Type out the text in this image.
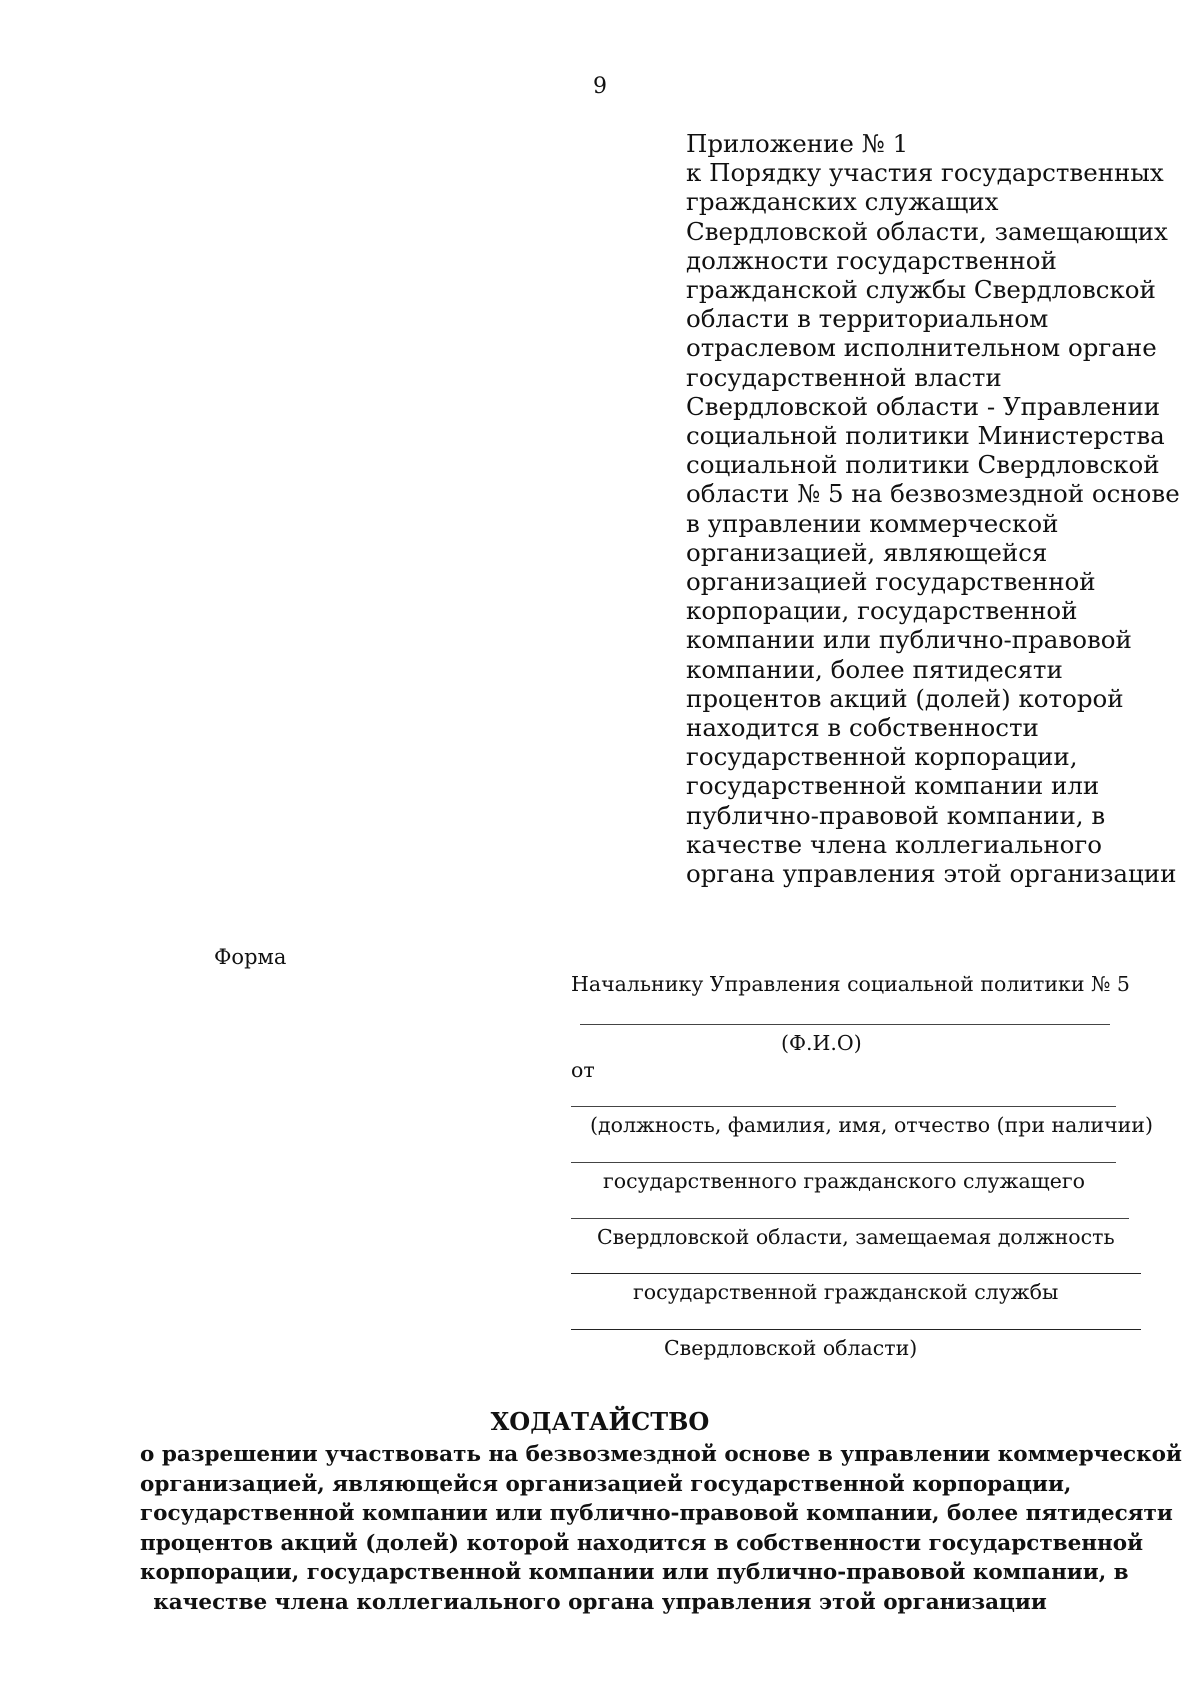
9
Приложение № 1
к Порядку участия государственных
гражданских служащих
Свердловской области, замещающих
должности государственной
гражданской службы Свердловской
области в территориальном
отраслевом исполнительном органе
государственной власти
Свердловской области - Управлении
социальной политики Министерства
социальной политики Свердловской
области № 5 на безвозмездной основе
в управлении коммерческой
организацией, являющейся
организацией государственной
корпорации, государственной
компании или публично-правовой
компании, более пятидесяти
процентов акций (долей) которой
находится в собственности
государственной корпорации,
государственной компании или
публично-правовой компании, в
качестве члена коллегиального
органа управления этой организации
Форма
Начальнику Управления социальной политики № 5
(Ф.И.О)
от
(должность, фамилия, имя, отчество (при наличии)
государственного гражданского служащего
Свердловской области, замещаемая должность
государственной гражданской службы
Свердловской области)
ХОДАТАЙСТВО
о разрешении участвовать на безвозмездной основе в управлении коммерческой
организацией, являющейся организацией государственной корпорации,
государственной компании или публично-правовой компании, более пятидесяти
процентов акций (долей) которой находится в собственности государственной
корпорации, государственной компании или публично-правовой компании, в
качестве члена коллегиального органа управления этой организации
